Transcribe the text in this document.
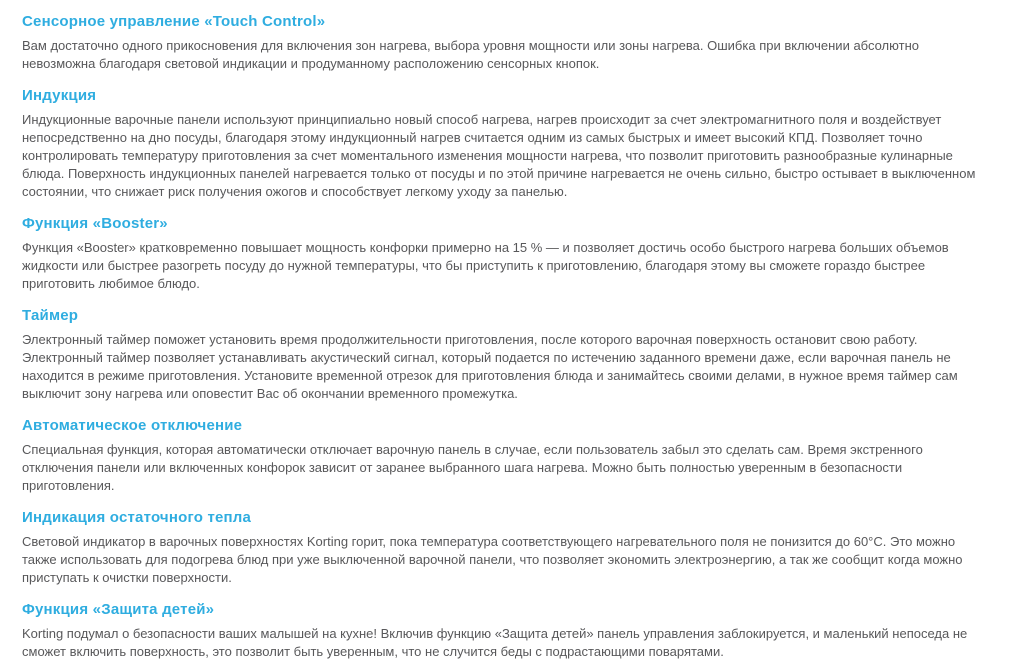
Сенсорное управление «Touch Control»

Вам достаточно одного прикосновения для включения зон нагрева, выбора уровня мощности или зоны нагрева. Ошибка при включении абсолютно невозможна благодаря световой индикации и продуманному расположению сенсорных кнопок.

Индукция

Индукционные варочные панели используют принципиально новый способ нагрева, нагрев происходит за счет электромагнитного поля и воздействует непосредственно на дно посуды, благодаря этому индукционный нагрев считается одним из самых быстрых и имеет высокий КПД. Позволяет точно контролировать температуру приготовления за счет моментального изменения мощности нагрева, что позволит приготовить разнообразные кулинарные блюда. Поверхность индукционных панелей нагревается только от посуды и по этой причине нагревается не очень сильно, быстро остывает в выключенном состоянии, что снижает риск получения ожогов и способствует легкому уходу за панелью.

Функция «Booster»

Функция «Booster» кратковременно повышает мощность конфорки примерно на 15 % — и позволяет достичь особо быстрого нагрева больших объемов жидкости или быстрее разогреть посуду до нужной температуры, что бы приступить к приготовлению, благодаря этому вы сможете гораздо быстрее приготовить любимое блюдо.

Таймер

Электронный таймер поможет установить время продолжительности приготовления, после которого варочная поверхность остановит свою работу. Электронный таймер позволяет устанавливать акустический сигнал, который подается по истечению заданного времени даже, если варочная панель не находится в режиме приготовления. Установите временной отрезок для приготовления блюда и занимайтесь своими делами, в нужное время таймер сам выключит зону нагрева или оповестит Вас об окончании временного промежутка.

Автоматическое отключение

Специальная функция, которая автоматически отключает варочную панель в случае, если пользователь забыл это сделать сам. Время экстренного отключения панели или включенных конфорок зависит от заранее выбранного шага нагрева. Можно быть полностью уверенным в безопасности приготовления.

Индикация остаточного тепла

Световой индикатор в варочных поверхностях Korting горит, пока температура соответствующего нагревательного поля не понизится до 60°C. Это можно также использовать для подогрева блюд при уже выключенной варочной панели, что позволяет экономить электроэнергию, а так же сообщит когда можно приступать к очистки поверхности.

Функция «Защита детей»

Korting подумал о безопасности ваших малышей на кухне! Включив функцию «Защита детей» панель управления заблокируется, и маленький непоседа не сможет включить поверхность, это позволит быть уверенным, что не случится беды с подрастающими поварятами.
